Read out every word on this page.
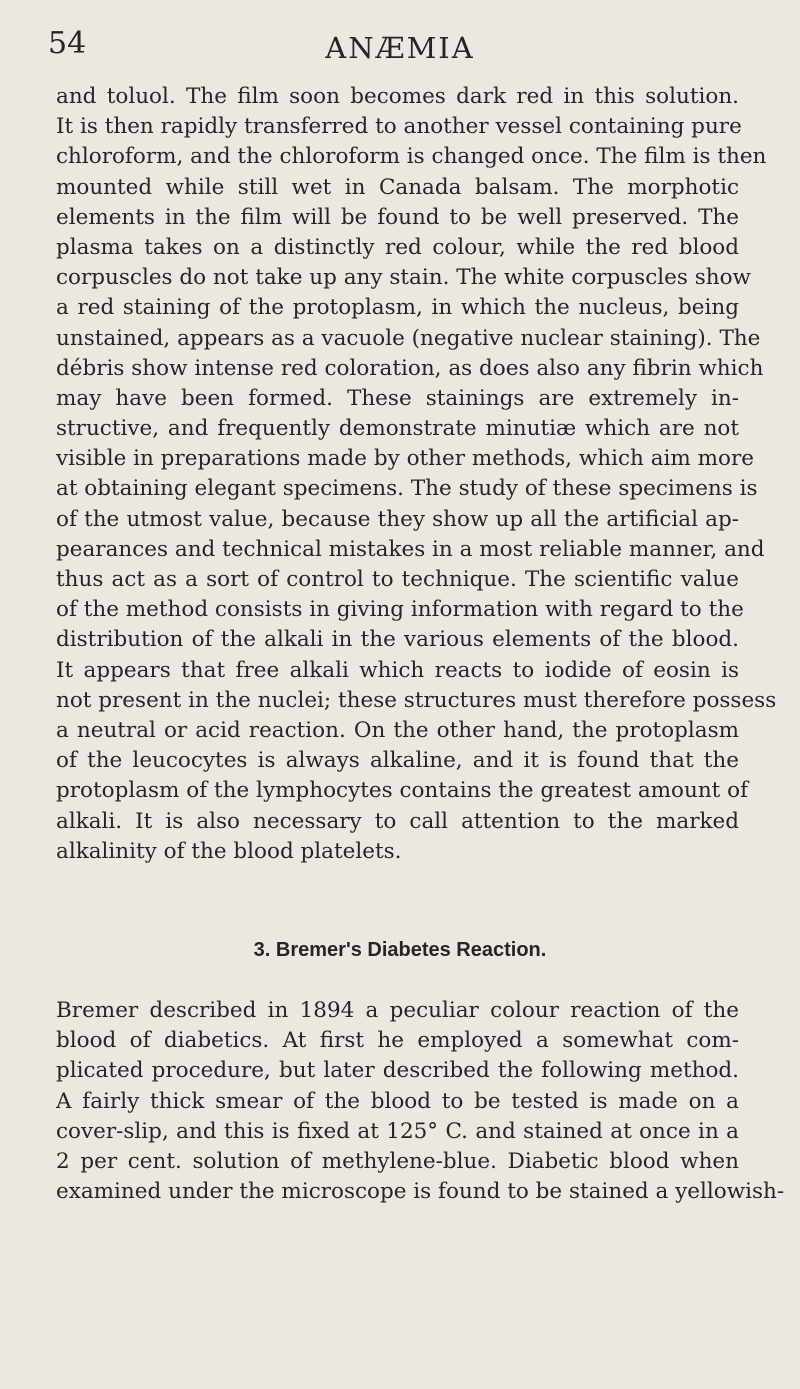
54	ANÆMIA
and toluol. The film soon becomes dark red in this solution.
It is then rapidly transferred to another vessel containing pure
chloroform, and the chloroform is changed once. The film is then
mounted while still wet in Canada balsam. The morphotic
elements in the film will be found to be well preserved. The
plasma takes on a distinctly red colour, while the red blood
corpuscles do not take up any stain. The white corpuscles show
a red staining of the protoplasm, in which the nucleus, being
unstained, appears as a vacuole (negative nuclear staining). The
débris show intense red coloration, as does also any fibrin which
may have been formed. These stainings are extremely in-
structive, and frequently demonstrate minutiæ which are not
visible in preparations made by other methods, which aim more
at obtaining elegant specimens. The study of these specimens is
of the utmost value, because they show up all the artificial ap-
pearances and technical mistakes in a most reliable manner, and
thus act as a sort of control to technique. The scientific value
of the method consists in giving information with regard to the
distribution of the alkali in the various elements of the blood.
It appears that free alkali which reacts to iodide of eosin is
not present in the nuclei; these structures must therefore possess
a neutral or acid reaction. On the other hand, the protoplasm
of the leucocytes is always alkaline, and it is found that the
protoplasm of the lymphocytes contains the greatest amount of
alkali. It is also necessary to call attention to the marked
alkalinity of the blood platelets.
3. Bremer's Diabetes Reaction.
Bremer described in 1894 a peculiar colour reaction of the
blood of diabetics. At first he employed a somewhat com-
plicated procedure, but later described the following method.
A fairly thick smear of the blood to be tested is made on a
cover-slip, and this is fixed at 125° C. and stained at once in a
2 per cent. solution of methylene-blue. Diabetic blood when
examined under the microscope is found to be stained a yellowish-
